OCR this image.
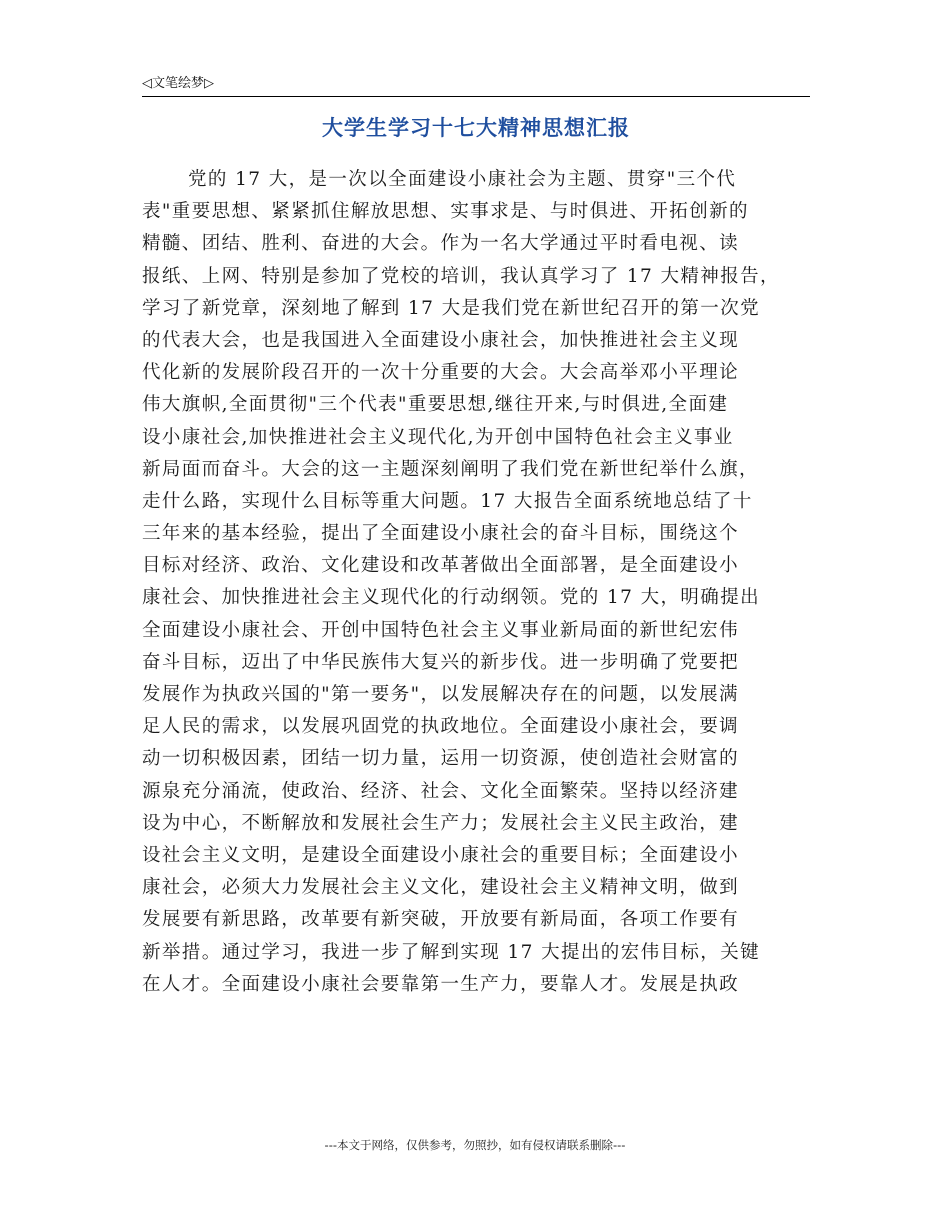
◁文笔绘梦▷
大学生学习十七大精神思想汇报
党的 17 大，是一次以全面建设小康社会为主题、贯穿"三个代
表"重要思想、紧紧抓住解放思想、实事求是、与时俱进、开拓创新的
精髓、团结、胜利、奋进的大会。作为一名大学通过平时看电视、读
报纸、上网、特别是参加了党校的培训，我认真学习了 17 大精神报告，
学习了新党章，深刻地了解到 17 大是我们党在新世纪召开的第一次党
的代表大会，也是我国进入全面建设小康社会，加快推进社会主义现
代化新的发展阶段召开的一次十分重要的大会。大会高举邓小平理论
伟大旗帜,全面贯彻"三个代表"重要思想,继往开来,与时俱进,全面建
设小康社会,加快推进社会主义现代化,为开创中国特色社会主义事业
新局面而奋斗。大会的这一主题深刻阐明了我们党在新世纪举什么旗，
走什么路，实现什么目标等重大问题。17 大报告全面系统地总结了十
三年来的基本经验，提出了全面建设小康社会的奋斗目标，围绕这个
目标对经济、政治、文化建设和改革著做出全面部署，是全面建设小
康社会、加快推进社会主义现代化的行动纲领。党的 17 大，明确提出
全面建设小康社会、开创中国特色社会主义事业新局面的新世纪宏伟
奋斗目标，迈出了中华民族伟大复兴的新步伐。进一步明确了党要把
发展作为执政兴国的"第一要务"，以发展解决存在的问题，以发展满
足人民的需求，以发展巩固党的执政地位。全面建设小康社会，要调
动一切积极因素，团结一切力量，运用一切资源，使创造社会财富的
源泉充分涌流，使政治、经济、社会、文化全面繁荣。坚持以经济建
设为中心，不断解放和发展社会生产力；发展社会主义民主政治，建
设社会主义文明，是建设全面建设小康社会的重要目标；全面建设小
康社会，必须大力发展社会主义文化，建设社会主义精神文明，做到
发展要有新思路，改革要有新突破，开放要有新局面，各项工作要有
新举措。通过学习，我进一步了解到实现 17 大提出的宏伟目标，关键
在人才。全面建设小康社会要靠第一生产力，要靠人才。发展是执政
---本文于网络，仅供参考，勿照抄，如有侵权请联系删除---
